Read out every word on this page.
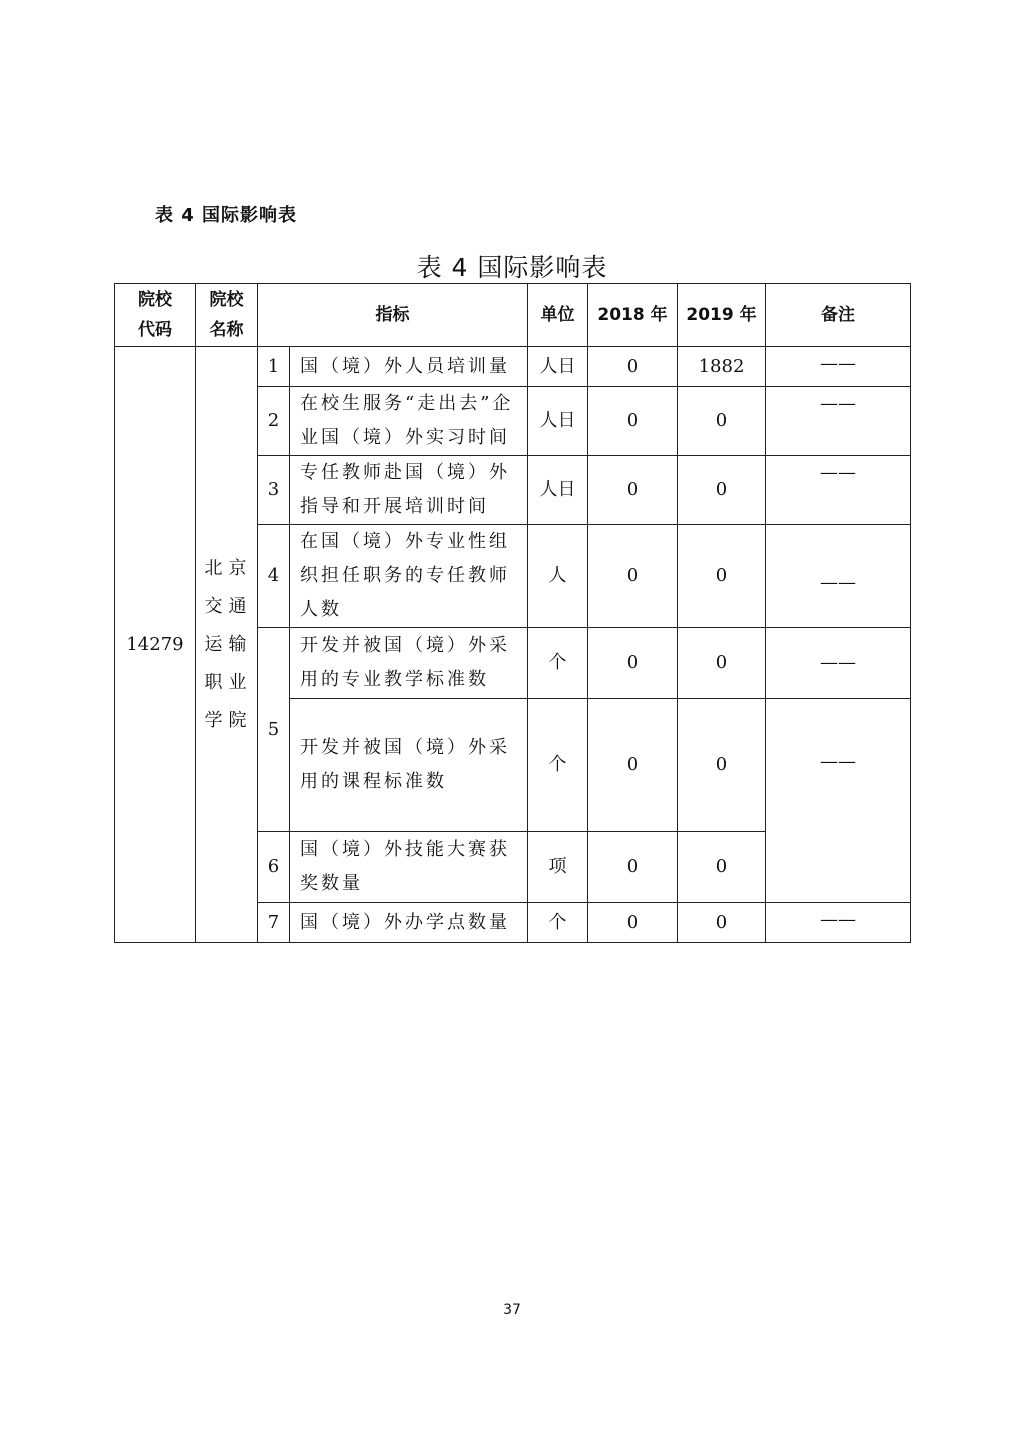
表 4 国际影响表
表 4 国际影响表
院校代码	院校名称	指标		单位	2018 年	2019 年	备注
14279	北京交通运输职业学院	1	国（境）外人员培训量	人日	0	1882	——
		2	在校生服务“走出去”企业国（境）外实习时间	人日	0	0	——
		3	专任教师赴国（境）外指导和开展培训时间	人日	0	0	——
		4	在国（境）外专业性组织担任职务的专任教师人数	人	0	0	——
		5	开发并被国（境）外采用的专业教学标准数	个	0	0	——
			开发并被国（境）外采用的课程标准数	个	0	0	——
		6	国（境）外技能大赛获奖数量	项	0	0	
		7	国（境）外办学点数量	个	0	0	——
37
